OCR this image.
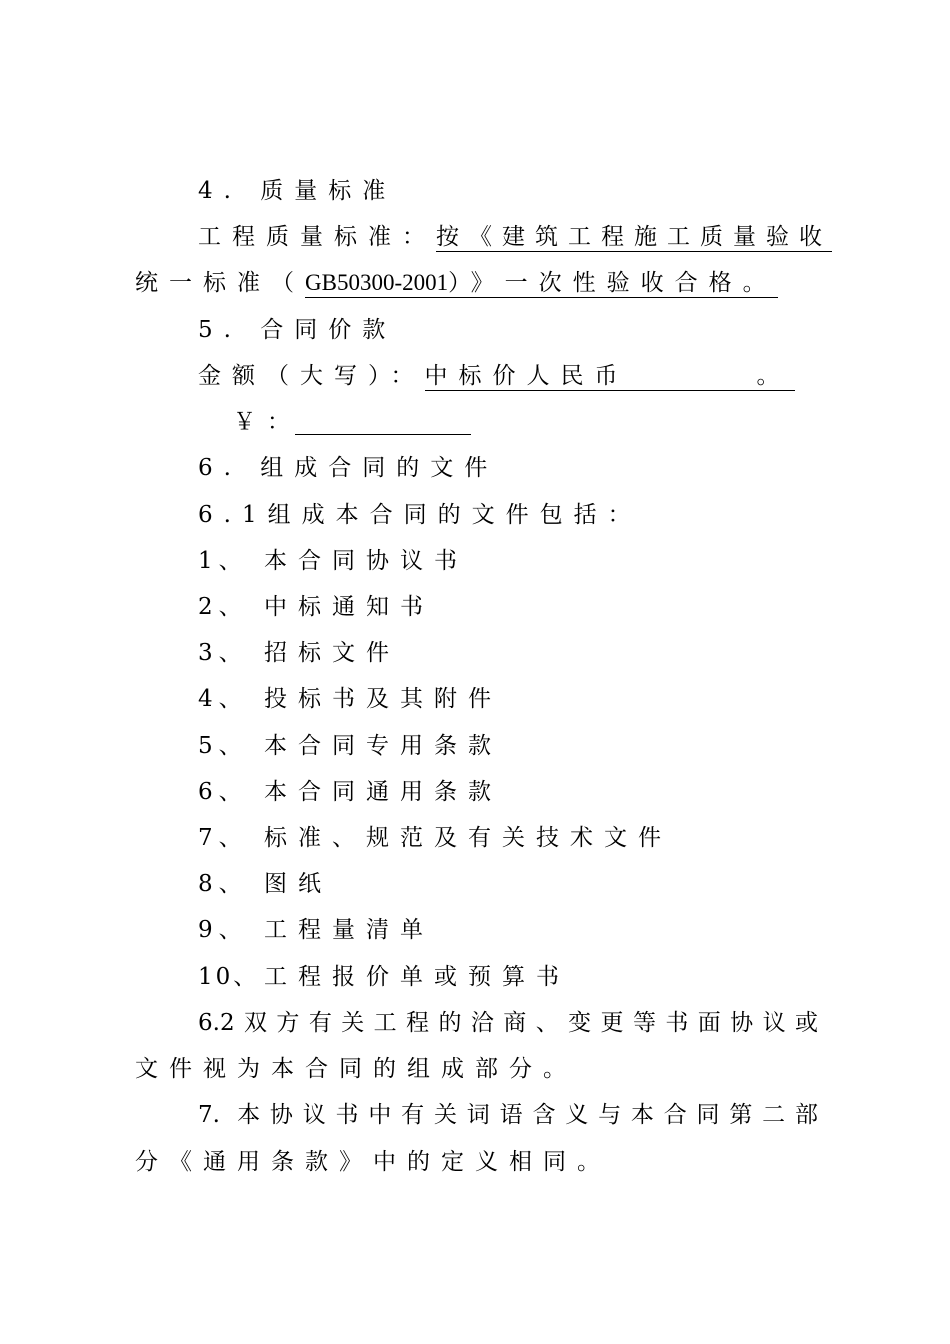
4. 质量标准
工程质量标准：按《建筑工程施工质量验收
统一标准（GB50300-2001）》一次性验收合格。
5. 合同价款
金额（大写）：中标价人民币	。
￥：
6. 组成合同的文件
6.1组成本合同的文件包括：
1、 本合同协议书
2、 中标通知书
3、 招标文件
4、 投标书及其附件
5、 本合同专用条款
6、 本合同通用条款
7、 标准、规范及有关技术文件
8、 图纸
9、 工程量清单
10、 工程报价单或预算书
6.2双方有关工程的洽商、变更等书面协议或
文件视为本合同的组成部分。
7. 本协议书中有关词语含义与本合同第二部
分《通用条款》中的定义相同。
